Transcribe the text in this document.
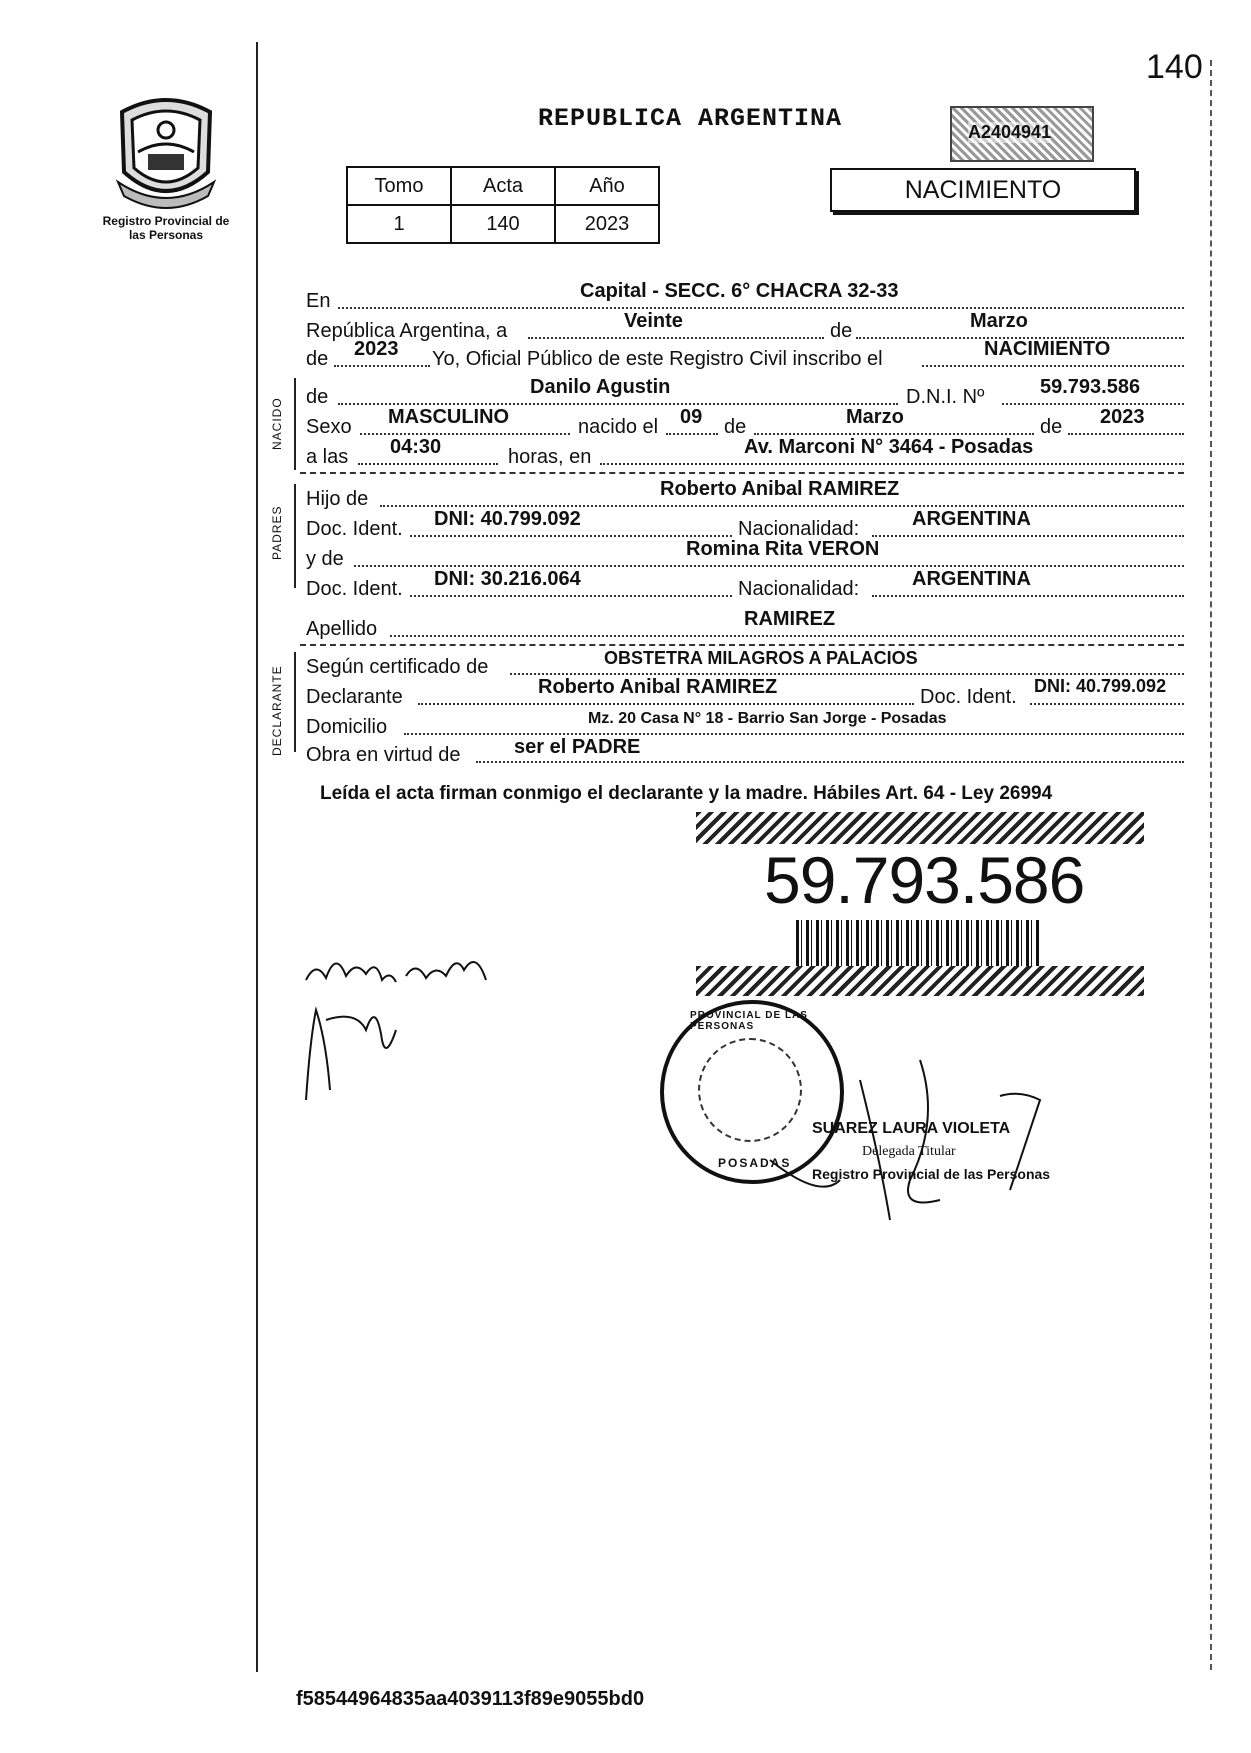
140
Registro Provincial de las Personas
REPUBLICA ARGENTINA	A2404941
Tomo	Acta	Año
1	140	2023
NACIMIENTO
NACIDO
PADRES
DECLARANTE
En	Capital - SECC. 6° CHACRA 32-33
República Argentina, a	Veinte	de	Marzo
de 2023 Yo, Oficial Público de este Registro Civil inscribo el	NACIMIENTO
de	Danilo Agustin	D.N.I. Nº	59.793.586
Sexo MASCULINO	nacido el 09 de	Marzo	de 2023
a las 04:30	horas, en	Av. Marconi N° 3464 - Posadas
Hijo de	Roberto Anibal RAMIREZ
Doc. Ident. DNI: 40.799.092	Nacionalidad:	ARGENTINA
y de	Romina Rita VERON
Doc. Ident. DNI: 30.216.064	Nacionalidad:	ARGENTINA
Apellido	RAMIREZ
Según certificado de	OBSTETRA MILAGROS A PALACIOS
Declarante	Roberto Anibal RAMIREZ	Doc. Ident. DNI: 40.799.092
Domicilio	Mz. 20 Casa N° 18 - Barrio San Jorge - Posadas
Obra en virtud de	ser el PADRE
Leída el acta firman conmigo el declarante y la madre. Hábiles Art. 64 - Ley 26994
59.793.586
PROVINCIAL DE LAS PERSONAS
POSADAS
SUAREZ LAURA VIOLETA
Delegada Titular
Registro Provincial de las Personas
f58544964835aa4039113f89e9055bd0
